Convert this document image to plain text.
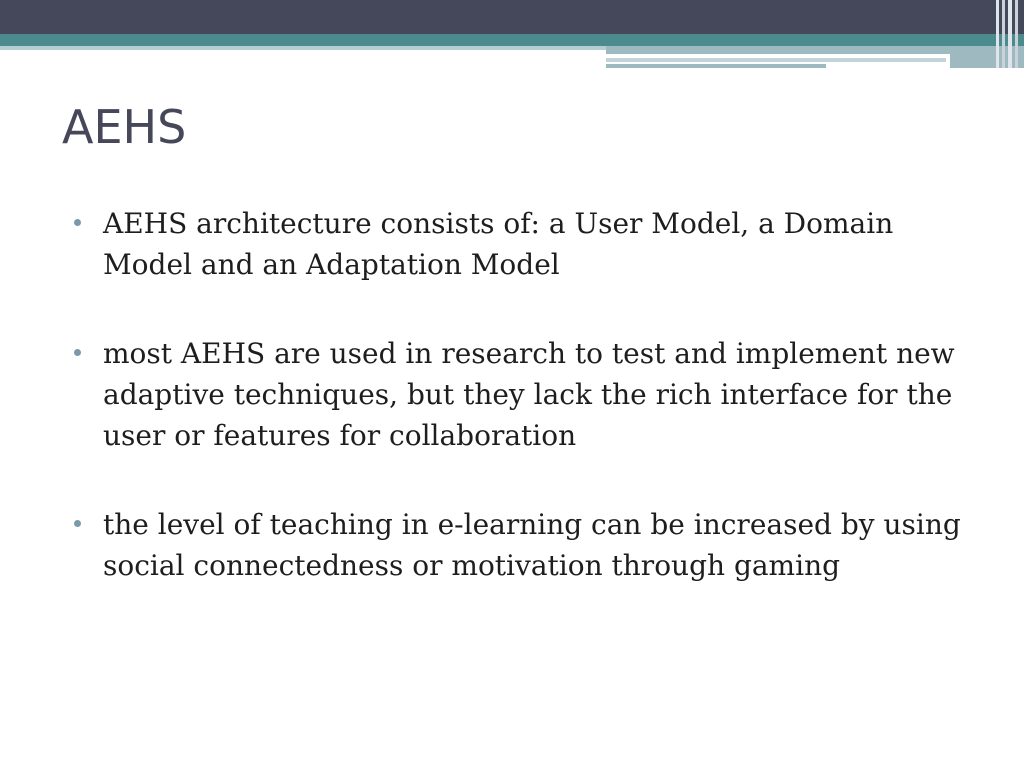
AEHS
AEHS architecture consists of: a User Model, a Domain Model and an Adaptation Model
most AEHS are used in research to test and implement new adaptive techniques, but they lack the rich interface for the user or features for collaboration
the level of teaching in e-learning can be increased by using social connectedness or motivation through gaming
